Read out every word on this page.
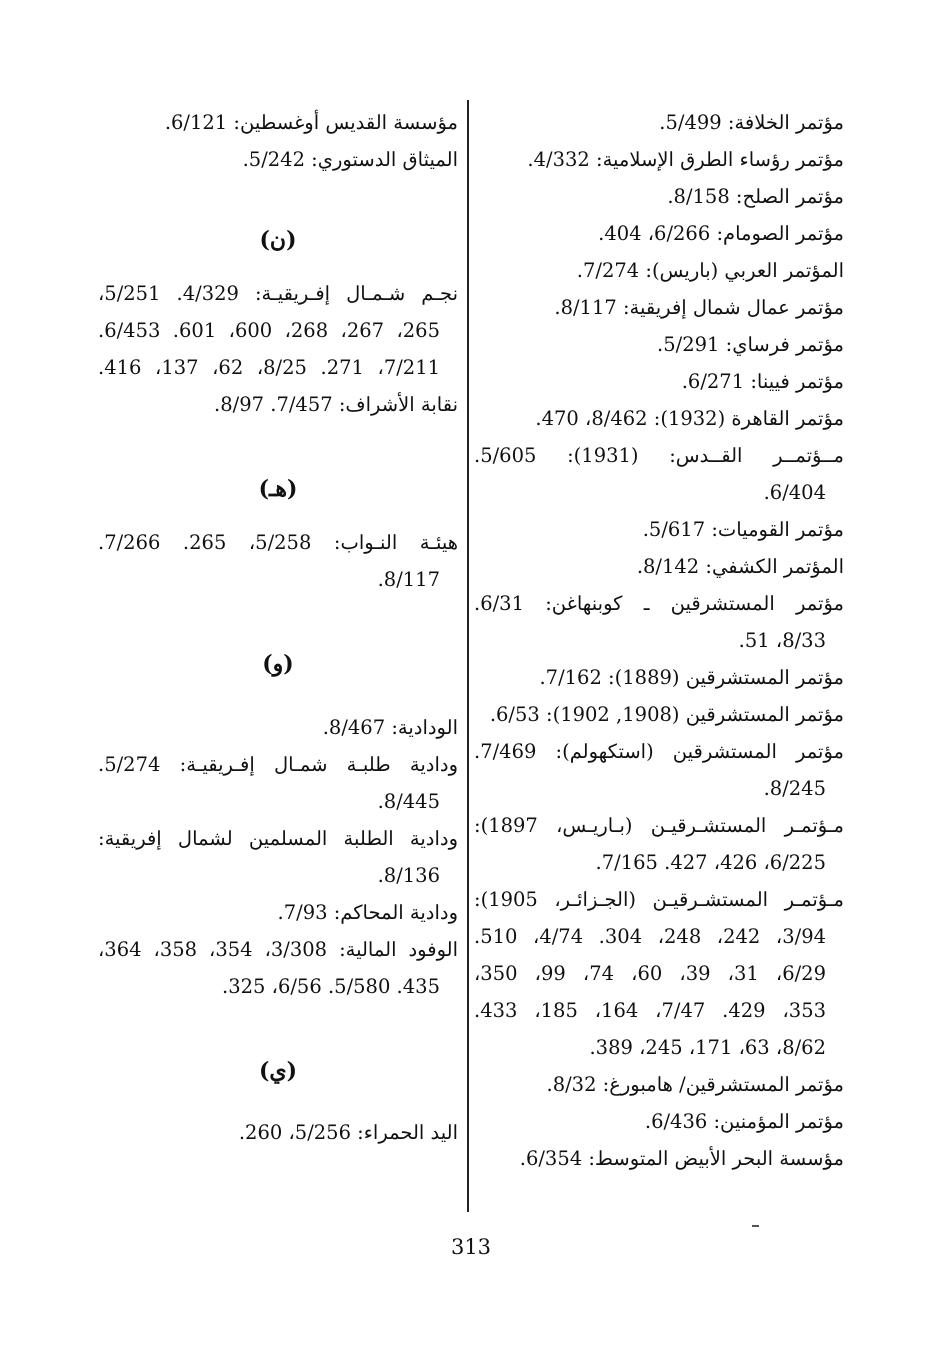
مؤتمر الخلافة: 5/499.

مؤتمر رؤساء الطرق الإسلامية: 4/332.

مؤتمر الصلح: 8/158.

مؤتمر الصومام: 6/266، 404.

المؤتمر العربي (باريس): 7/274.

مؤتمر عمال شمال إفريقية: 8/117.

مؤتمر فرساي: 5/291.

مؤتمر فيينا: 6/271.

مؤتمر القاهرة (1932): 8/462، 470.

مــؤتمــر القــدس: (1931): 5/605.

6/404.

مؤتمر القوميات: 5/617.

المؤتمر الكشفي: 8/142.

مؤتمر المستشرقين ـ كوبنهاغن: 6/31.

8/33، 51.

مؤتمر المستشرقين (1889): 7/162.

مؤتمر المستشرقين (1908, 1902): 6/53.

مؤتمر المستشرقين (استكهولم): 7/469.

8/245.

مـؤتمـر المستشـرقيـن (بـاريـس، 1897):

6/225، 426، 427. 7/165.

مـؤتمـر المستشـرقيـن (الجـزائـر، 1905):

3/94، 242، 248، 304. 4/74، 510.

6/29، 31، 39، 60، 74، 99، 350،

353، 429. 7/47، 164، 185، 433.

8/62، 63، 171، 245، 389.

مؤتمر المستشرقين/ هامبورغ: 8/32.

مؤتمر المؤمنين: 6/436.

مؤسسة البحر الأبيض المتوسط: 6/354.

مؤسسة القديس أوغسطين: 6/121.

الميثاق الدستوري: 5/242.

(ن)

نجـم شـمـال إفـريقيـة: 4/329. 5/251،

265، 267، 268، 600، 601. 6/453.

7/211، 271. 8/25، 62، 137، 416.

نقابة الأشراف: 7/457. 8/97.

(هـ)

هيئـة النـواب: 5/258، 265. 7/266.

8/117.

(و)

الودادية: 8/467.

ودادية طلبـة شمـال إفـريقيـة: 5/274.

8/445.

ودادية الطلبة المسلمين لشمال إفريقية:

8/136.

ودادية المحاكم: 7/93.

الوفود المالية: 3/308، 354، 358، 364،

435. 5/580. 6/56، 325.

(ي)

اليد الحمراء: 5/256، 260.

313
